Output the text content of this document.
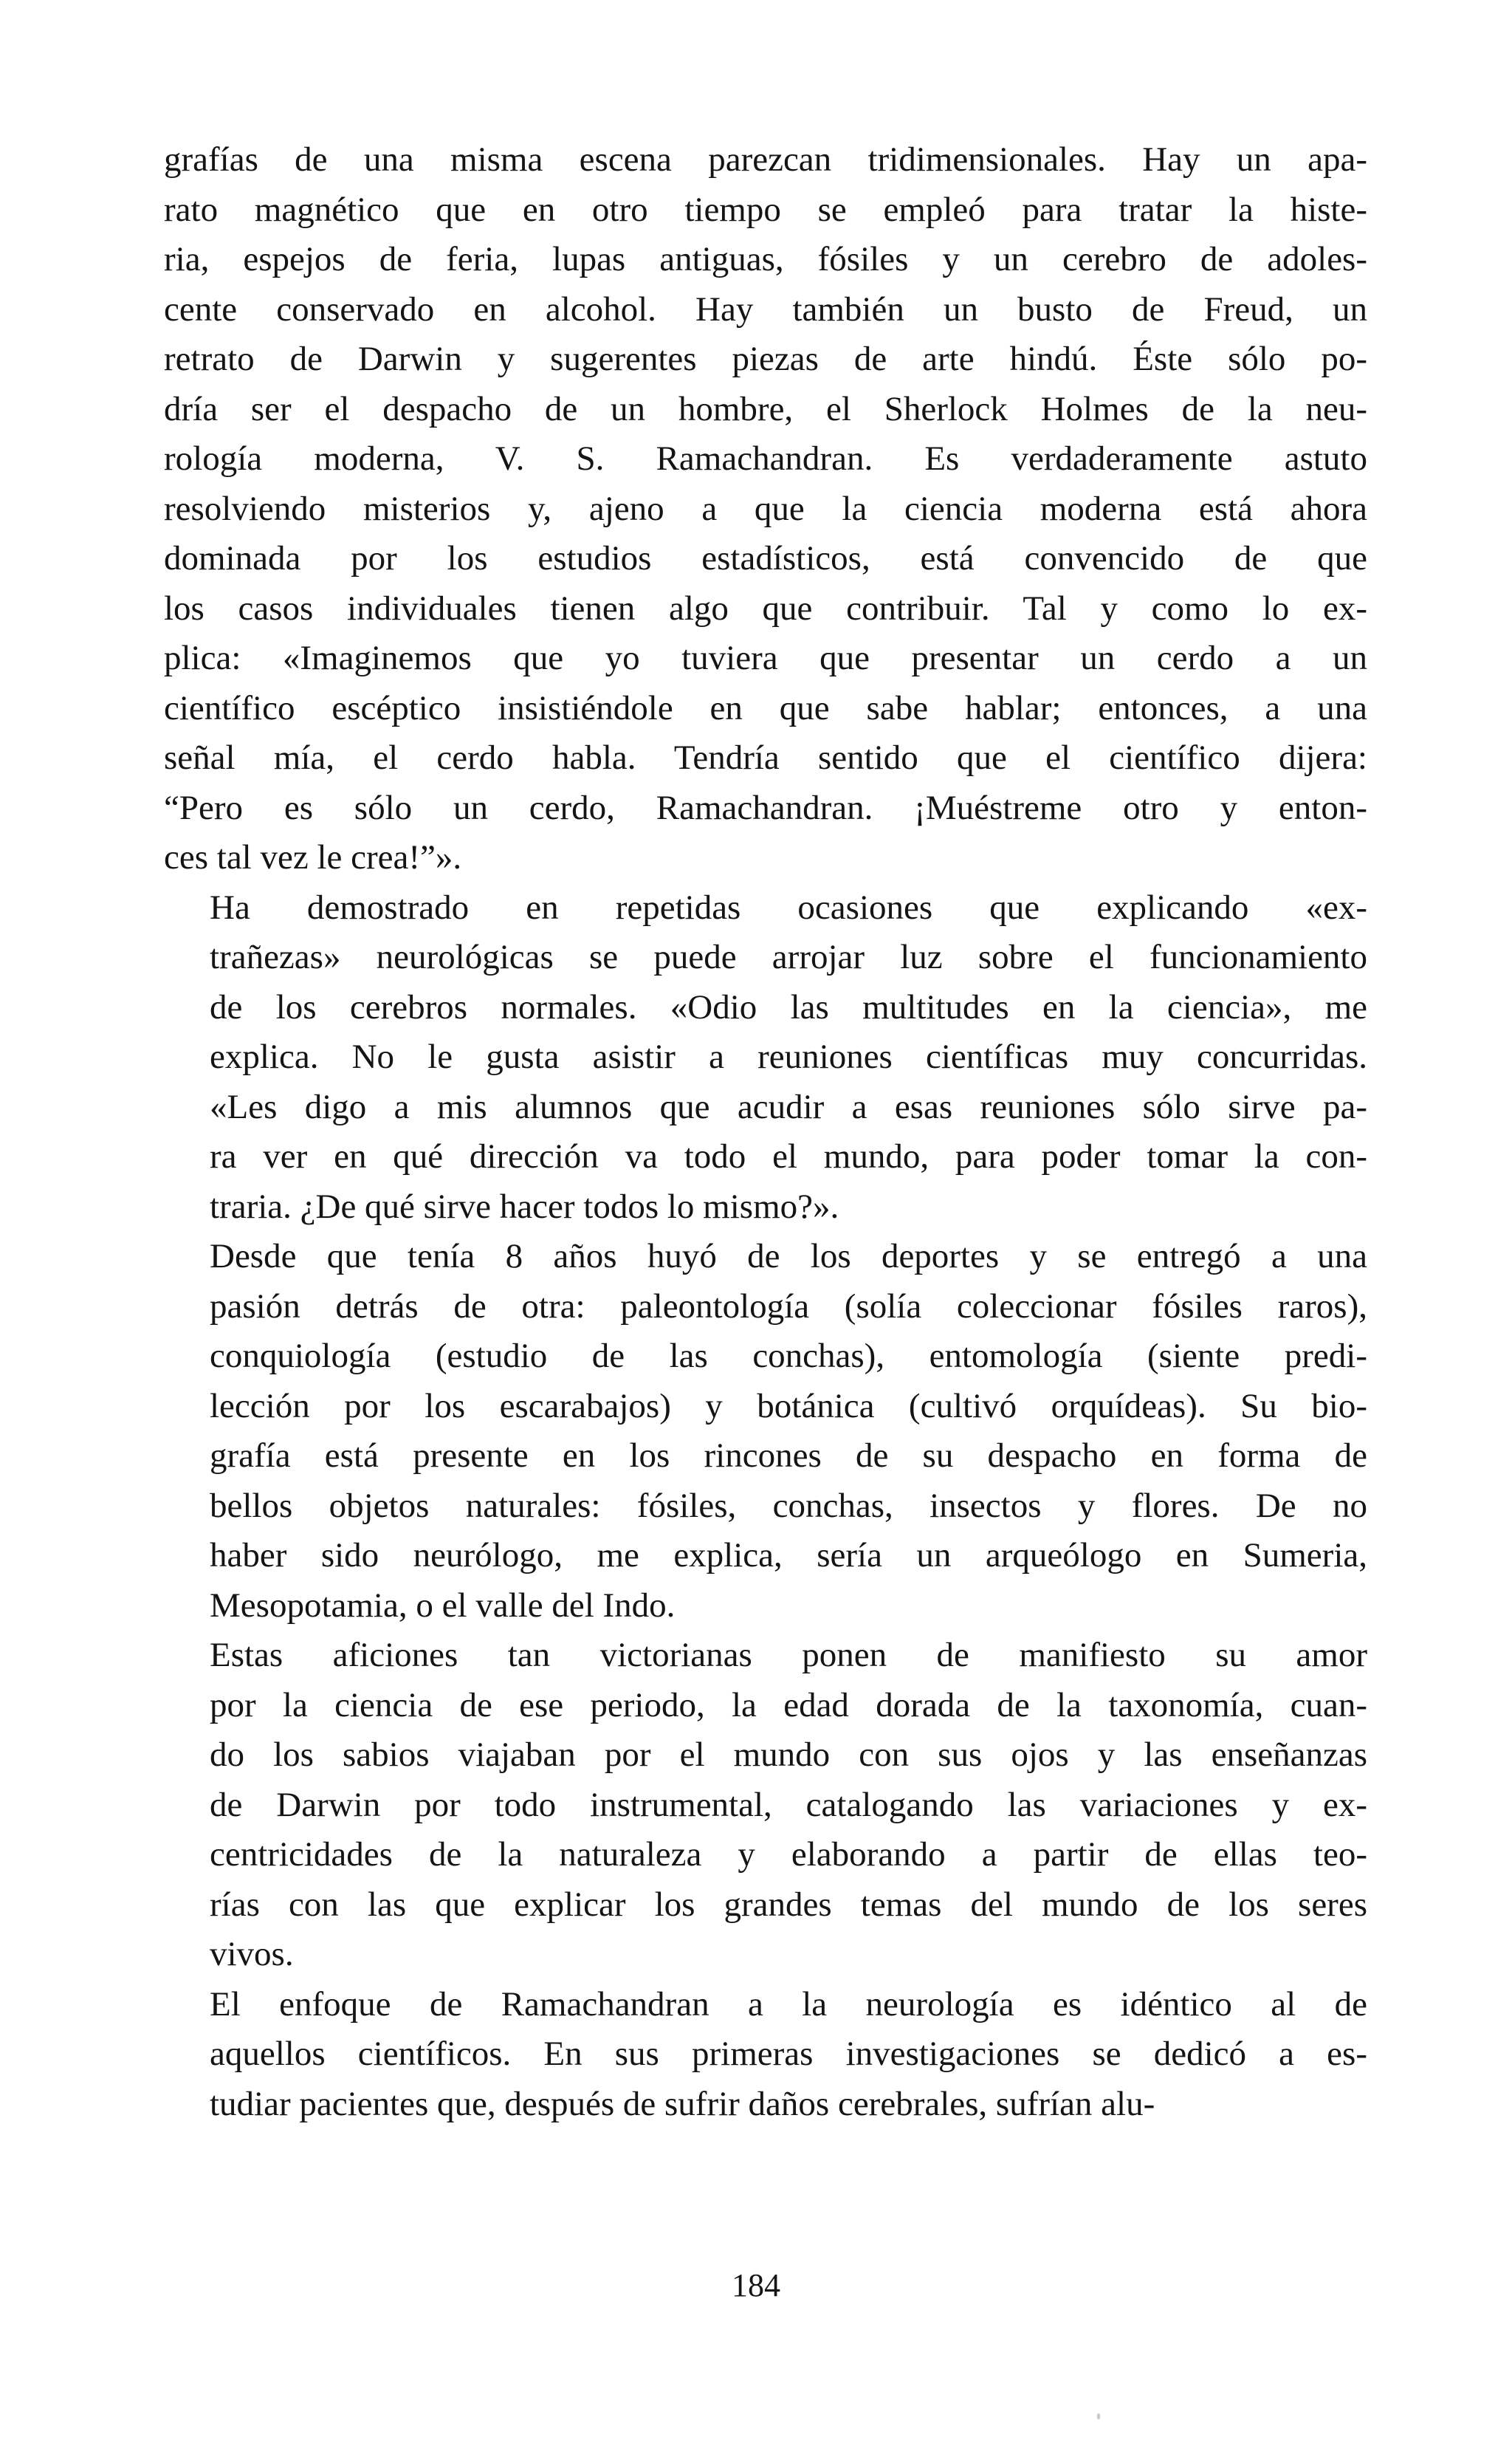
grafías de una misma escena parezcan tridimensionales. Hay un apa-
rato magnético que en otro tiempo se empleó para tratar la histe-
ria, espejos de feria, lupas antiguas, fósiles y un cerebro de adoles-
cente conservado en alcohol. Hay también un busto de Freud, un
retrato de Darwin y sugerentes piezas de arte hindú. Éste sólo po-
dría ser el despacho de un hombre, el Sherlock Holmes de la neu-
rología moderna, V. S. Ramachandran. Es verdaderamente astuto
resolviendo misterios y, ajeno a que la ciencia moderna está ahora
dominada por los estudios estadísticos, está convencido de que
los casos individuales tienen algo que contribuir. Tal y como lo ex-
plica: «Imaginemos que yo tuviera que presentar un cerdo a un
científico escéptico insistiéndole en que sabe hablar; entonces, a una
señal mía, el cerdo habla. Tendría sentido que el científico dijera:
“Pero es sólo un cerdo, Ramachandran. ¡Muéstreme otro y enton-
ces tal vez le crea!”».

Ha demostrado en repetidas ocasiones que explicando «ex-
trañezas» neurológicas se puede arrojar luz sobre el funcionamiento
de los cerebros normales. «Odio las multitudes en la ciencia», me
explica. No le gusta asistir a reuniones científicas muy concurridas.
«Les digo a mis alumnos que acudir a esas reuniones sólo sirve pa-
ra ver en qué dirección va todo el mundo, para poder tomar la con-
traria. ¿De qué sirve hacer todos lo mismo?».

Desde que tenía 8 años huyó de los deportes y se entregó a una
pasión detrás de otra: paleontología (solía coleccionar fósiles raros),
conquiología (estudio de las conchas), entomología (siente predi-
lección por los escarabajos) y botánica (cultivó orquídeas). Su bio-
grafía está presente en los rincones de su despacho en forma de
bellos objetos naturales: fósiles, conchas, insectos y flores. De no
haber sido neurólogo, me explica, sería un arqueólogo en Sumeria,
Mesopotamia, o el valle del Indo.

Estas aficiones tan victorianas ponen de manifiesto su amor
por la ciencia de ese periodo, la edad dorada de la taxonomía, cuan-
do los sabios viajaban por el mundo con sus ojos y las enseñanzas
de Darwin por todo instrumental, catalogando las variaciones y ex-
centricidades de la naturaleza y elaborando a partir de ellas teo-
rías con las que explicar los grandes temas del mundo de los seres
vivos.

El enfoque de Ramachandran a la neurología es idéntico al de
aquellos científicos. En sus primeras investigaciones se dedicó a es-
tudiar pacientes que, después de sufrir daños cerebrales, sufrían alu-

184
